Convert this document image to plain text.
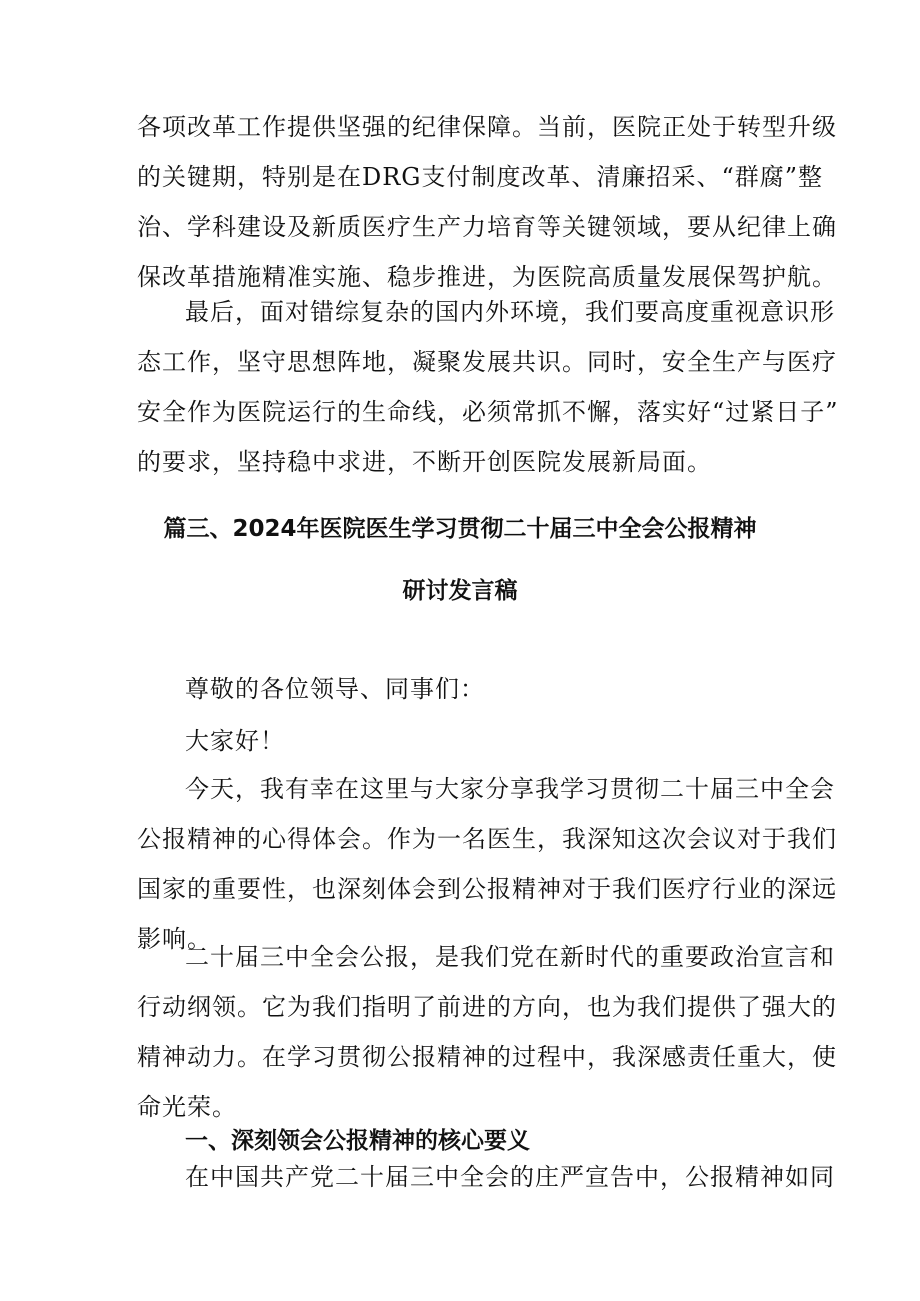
各项改革工作提供坚强的纪律保障。当前，医院正处于转型升级
的关键期，特别是在DRG支付制度改革、清廉招采、“群腐”整
治、学科建设及新质医疗生产力培育等关键领域，要从纪律上确
保改革措施精准实施、稳步推进，为医院高质量发展保驾护航。
最后，面对错综复杂的国内外环境，我们要高度重视意识形
态工作，坚守思想阵地，凝聚发展共识。同时，安全生产与医疗
安全作为医院运行的生命线，必须常抓不懈，落实好“过紧日子”
的要求，坚持稳中求进，不断开创医院发展新局面。
篇三、2024年医院医生学习贯彻二十届三中全会公报精神
研讨发言稿
尊敬的各位领导、同事们：
大家好！
今天，我有幸在这里与大家分享我学习贯彻二十届三中全会
公报精神的心得体会。作为一名医生，我深知这次会议对于我们
国家的重要性，也深刻体会到公报精神对于我们医疗行业的深远
影响。
二十届三中全会公报，是我们党在新时代的重要政治宣言和
行动纲领。它为我们指明了前进的方向，也为我们提供了强大的
精神动力。在学习贯彻公报精神的过程中，我深感责任重大，使
命光荣。
一、深刻领会公报精神的核心要义
在中国共产党二十届三中全会的庄严宣告中，公报精神如同
